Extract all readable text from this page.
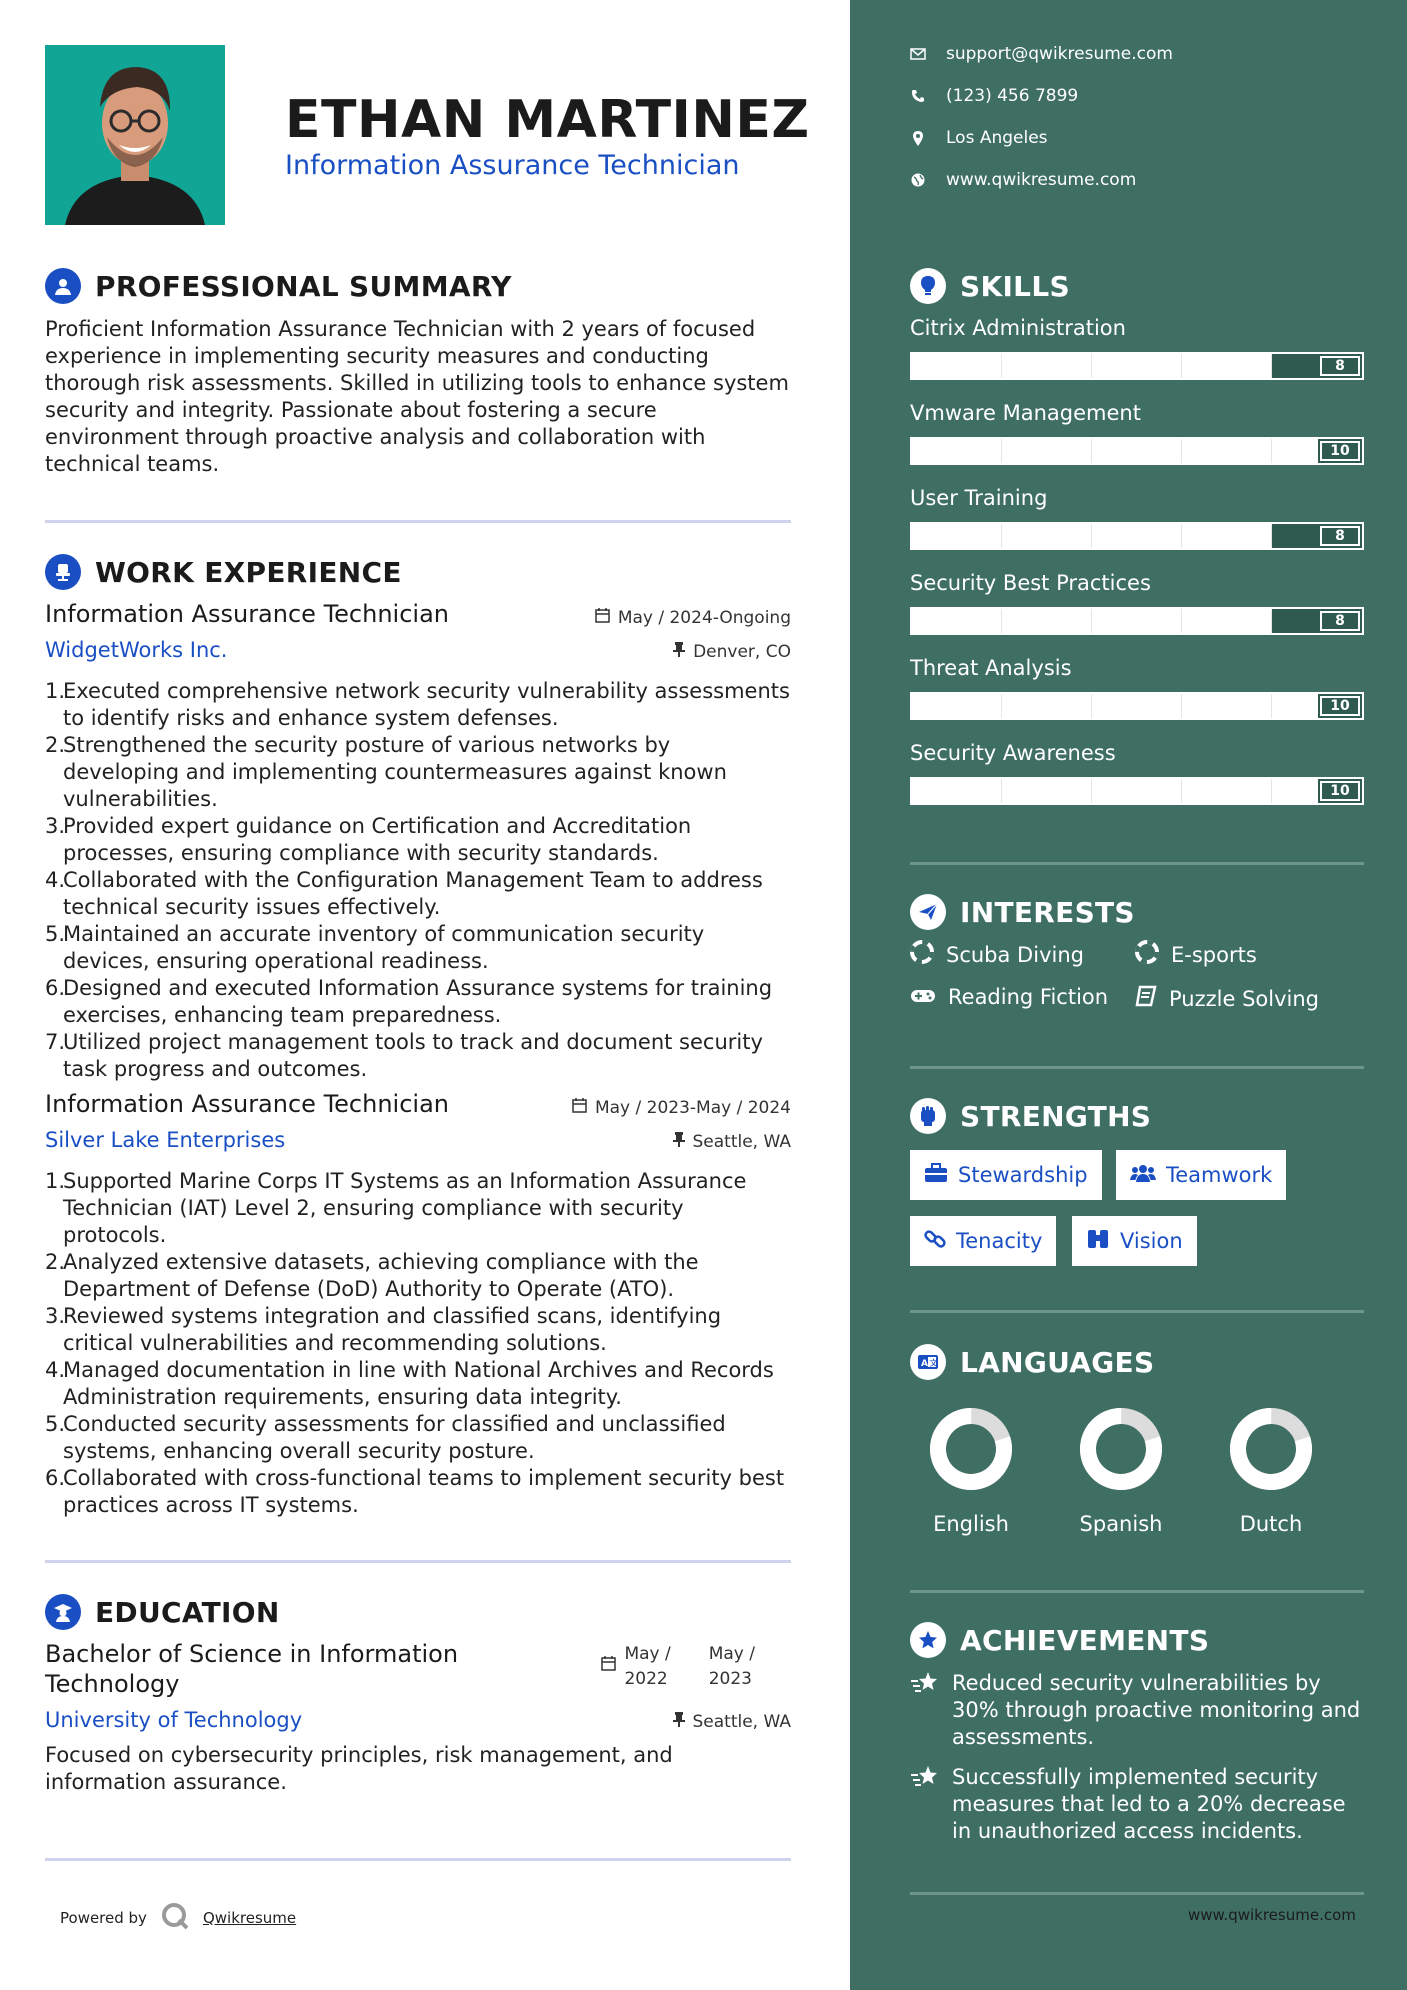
ETHAN MARTINEZ
Information Assurance Technician
PROFESSIONAL SUMMARY
Proficient Information Assurance Technician with 2 years of focused experience in implementing security measures and conducting thorough risk assessments. Skilled in utilizing tools to enhance system security and integrity. Passionate about fostering a secure environment through proactive analysis and collaboration with technical teams.
WORK EXPERIENCE
Information Assurance Technician
WidgetWorks Inc.
May / 2024-Ongoing
Denver, CO
1.
Executed comprehensive network security vulnerability assessments to identify risks and enhance system defenses.
2.
Strengthened the security posture of various networks by developing and implementing countermeasures against known vulnerabilities.
3.
Provided expert guidance on Certification and Accreditation processes, ensuring compliance with security standards.
4.
Collaborated with the Configuration Management Team to address technical security issues effectively.
5.
Maintained an accurate inventory of communication security devices, ensuring operational readiness.
6.
Designed and executed Information Assurance systems for training exercises, enhancing team preparedness.
7.
Utilized project management tools to track and document security task progress and outcomes.
Information Assurance Technician
Silver Lake Enterprises
May / 2023-May / 2024
Seattle, WA
1.
Supported Marine Corps IT Systems as an Information Assurance Technician (IAT) Level 2, ensuring compliance with security protocols.
2.
Analyzed extensive datasets, achieving compliance with the Department of Defense (DoD) Authority to Operate (ATO).
3.
Reviewed systems integration and classified scans, identifying critical vulnerabilities and recommending solutions.
4.
Managed documentation in line with National Archives and Records Administration requirements, ensuring data integrity.
5.
Conducted security assessments for classified and unclassified systems, enhancing overall security posture.
6.
Collaborated with cross-functional teams to implement security best practices across IT systems.
EDUCATION
Bachelor of Science in Information
Technology
University of Technology
May /
2022
May /
2023
Seattle, WA
Focused on cybersecurity principles, risk management, and information assurance.
Powered by	Qwikresume
support@qwikresume.com
(123) 456 7899
Los Angeles
www.qwikresume.com
SKILLS
Citrix Administration
8
Vmware Management
10
User Training
8
Security Best Practices
8
Threat Analysis
10
Security Awareness
10
INTERESTS
Scuba Diving	E-sports
Reading Fiction	Puzzle Solving
STRENGTHS
Stewardship	Teamwork
Tenacity	Vision
A 文 LANGUAGES
English	Spanish	Dutch
ACHIEVEMENTS
Reduced security vulnerabilities by 30% through proactive monitoring and assessments.
Successfully implemented security measures that led to a 20% decrease in unauthorized access incidents.
www.qwikresume.com
